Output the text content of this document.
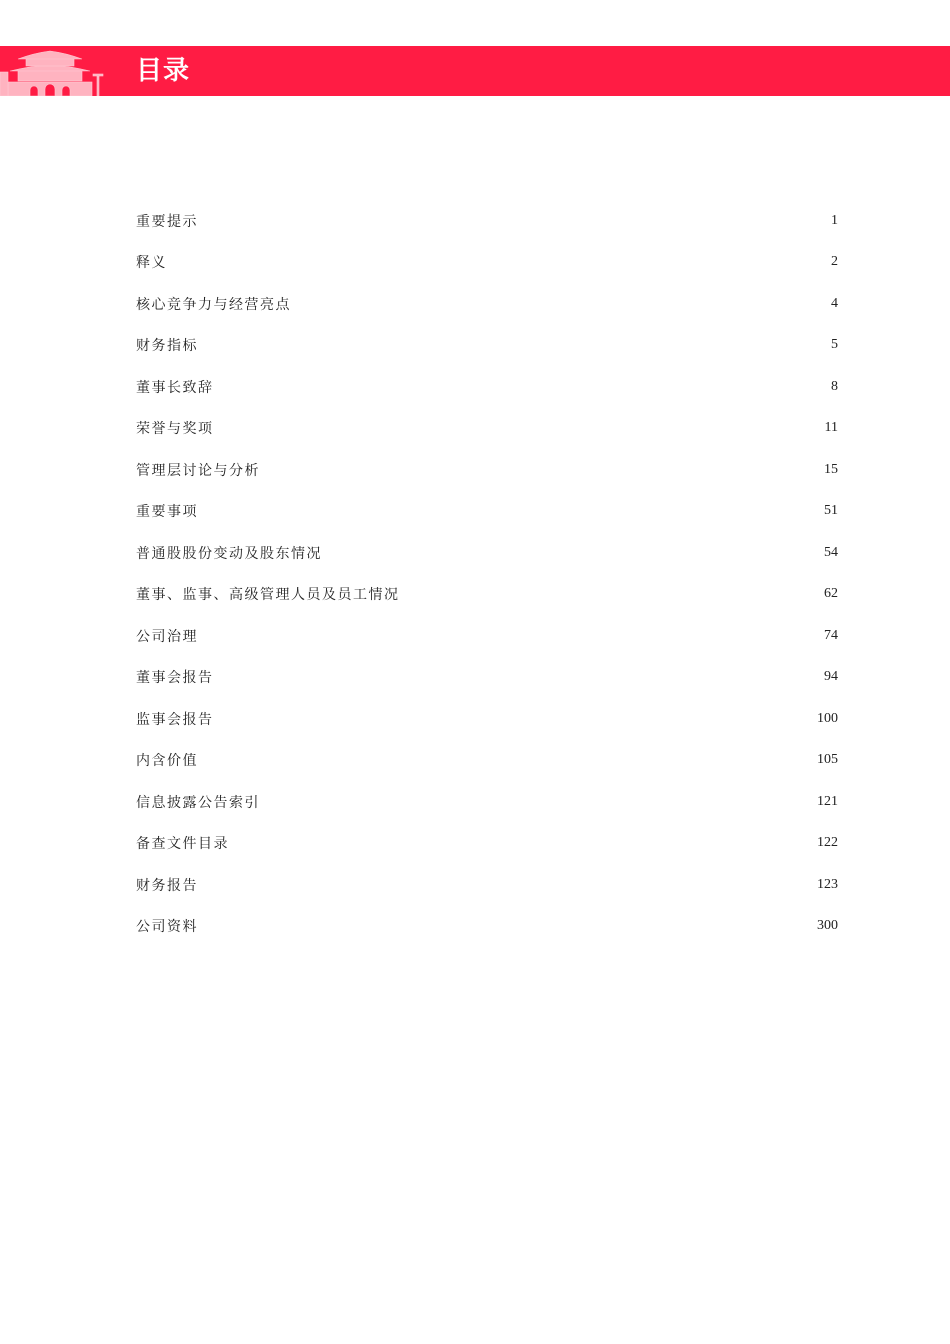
目录
重要提示	1
释义	2
核心竞争力与经营亮点	4
财务指标	5
董事长致辞	8
荣誉与奖项	11
管理层讨论与分析	15
重要事项	51
普通股股份变动及股东情况	54
董事、监事、高级管理人员及员工情况	62
公司治理	74
董事会报告	94
监事会报告	100
内含价值	105
信息披露公告索引	121
备查文件目录	122
财务报告	123
公司资料	300
